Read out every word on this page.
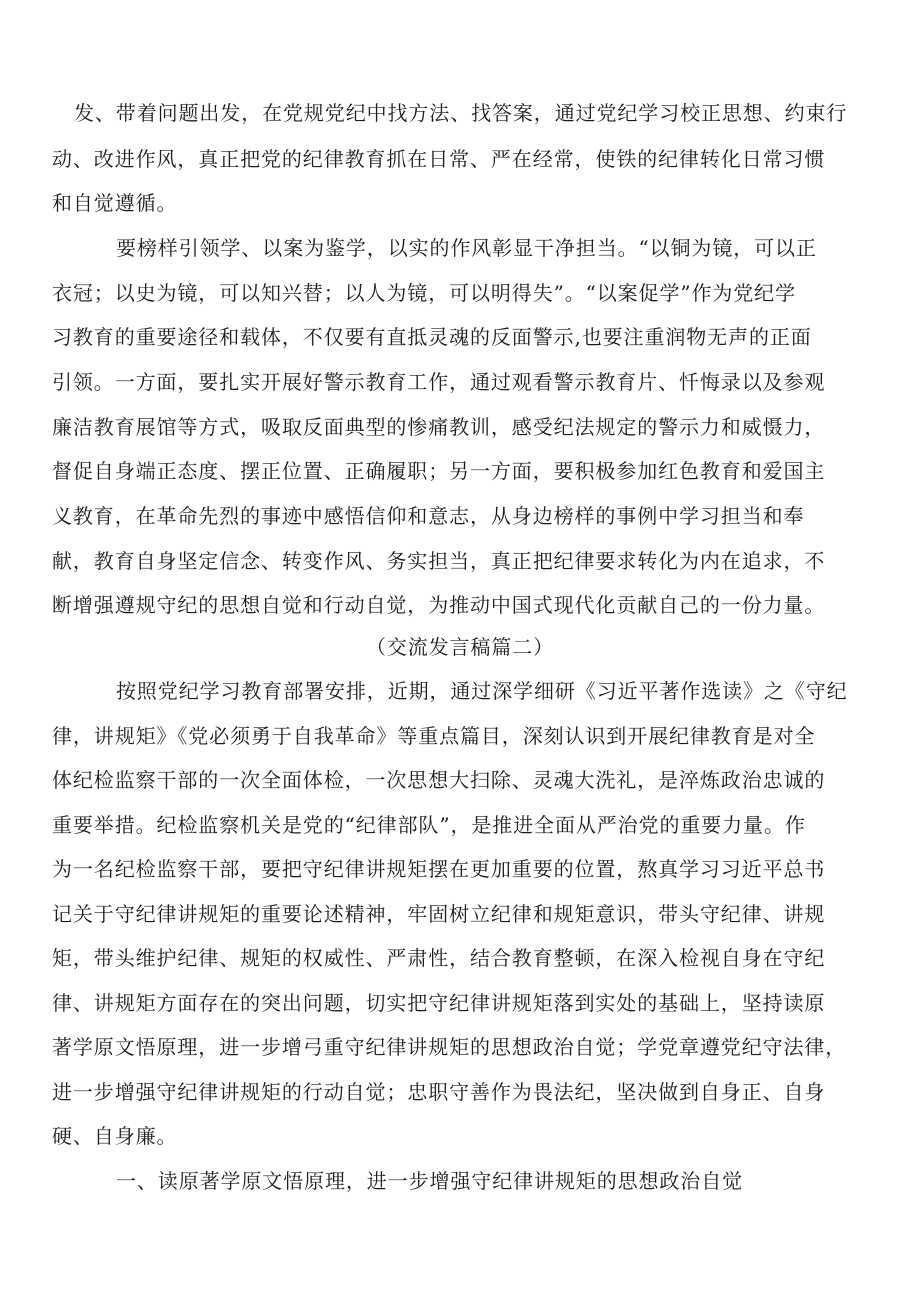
发、带着问题出发，在党规党纪中找方法、找答案，通过党纪学习校正思想、约束行
动、改进作风，真正把党的纪律教育抓在日常、严在经常，使铁的纪律转化日常习惯
和自觉遵循。
要榜样引领学、以案为鉴学，以实的作风彰显干净担当。“以铜为镜，可以正
衣冠；以史为镜，可以知兴替；以人为镜，可以明得失”。“以案促学”作为党纪学
习教育的重要途径和载体，不仅要有直抵灵魂的反面警示,也要注重润物无声的正面
引领。一方面，要扎实开展好警示教育工作，通过观看警示教育片、忏悔录以及参观
廉洁教育展馆等方式，吸取反面典型的惨痛教训，感受纪法规定的警示力和威慑力，
督促自身端正态度、摆正位置、正确履职；另一方面，要积极参加红色教育和爱国主
义教育，在革命先烈的事迹中感悟信仰和意志，从身边榜样的事例中学习担当和奉
献，教育自身坚定信念、转变作风、务实担当，真正把纪律要求转化为内在追求，不
断增强遵规守纪的思想自觉和行动自觉，为推动中国式现代化贡献自己的一份力量。
（交流发言稿篇二）
按照党纪学习教育部署安排，近期，通过深学细研《习近平著作选读》之《守纪
律，讲规矩》《党必须勇于自我革命》等重点篇目，深刻认识到开展纪律教育是对全
体纪检监察干部的一次全面体检，一次思想大扫除、灵魂大洗礼，是淬炼政治忠诚的
重要举措。纪检监察机关是党的“纪律部队”，是推进全面从严治党的重要力量。作
为一名纪检监察干部，要把守纪律讲规矩摆在更加重要的位置，熬真学习习近平总书
记关于守纪律讲规矩的重要论述精神，牢固树立纪律和规矩意识，带头守纪律、讲规
矩，带头维护纪律、规矩的权威性、严肃性，结合教育整顿，在深入检视自身在守纪
律、讲规矩方面存在的突出问题，切实把守纪律讲规矩落到实处的基础上，坚持读原
著学原文悟原理，进一步增弓重守纪律讲规矩的思想政治自觉；学党章遵党纪守法律，
进一步增强守纪律讲规矩的行动自觉；忠职守善作为畏法纪，坚决做到自身正、自身
硬、自身廉。
一、读原著学原文悟原理，进一步增强守纪律讲规矩的思想政治自觉
